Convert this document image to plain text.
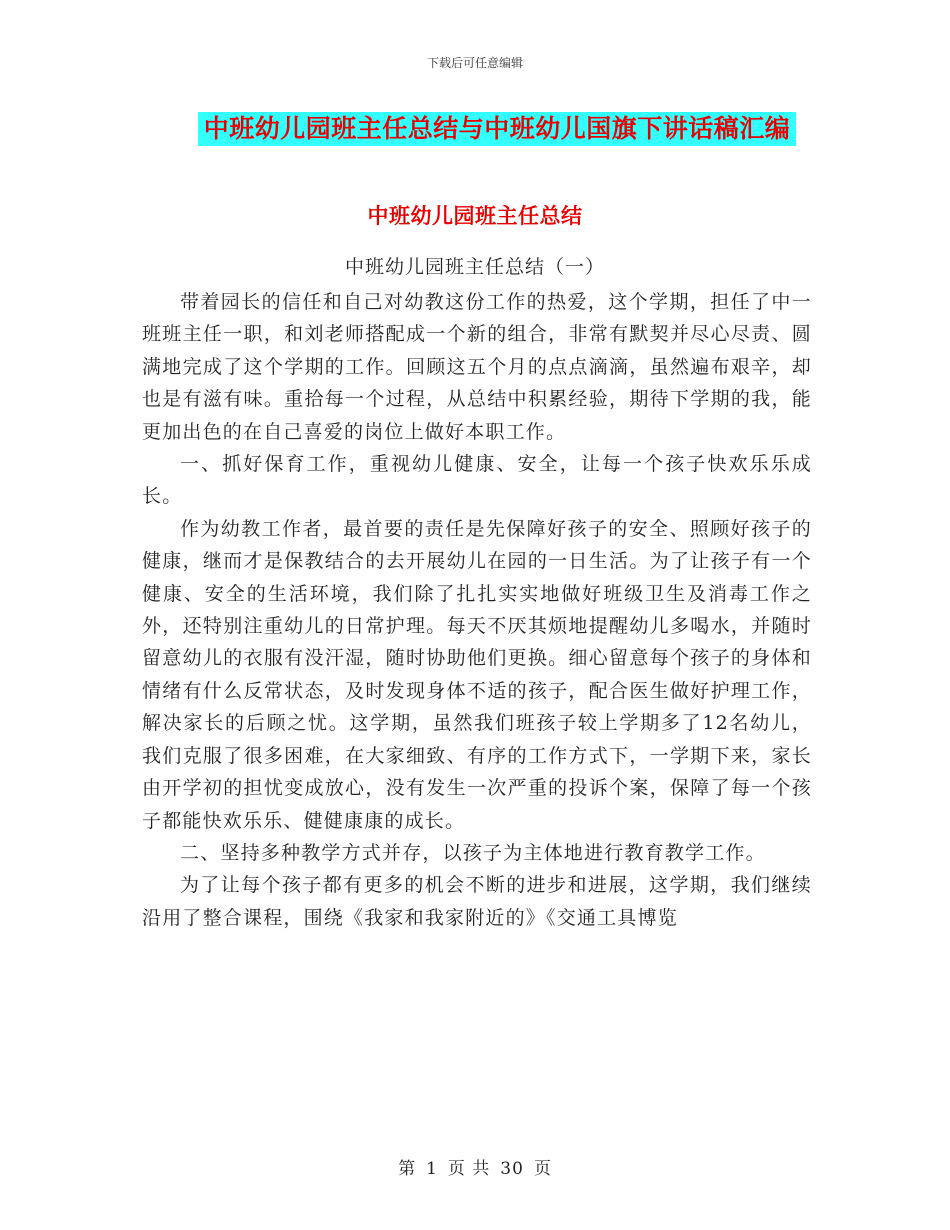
下载后可任意编辑
中班幼儿园班主任总结与中班幼儿国旗下讲话稿汇编
中班幼儿园班主任总结
中班幼儿园班主任总结（一）

带着园长的信任和自己对幼教这份工作的热爱，这个学期，担任了中一班班主任一职，和刘老师搭配成一个新的组合，非常有默契并尽心尽责、圆满地完成了这个学期的工作。回顾这五个月的点点滴滴，虽然遍布艰辛，却也是有滋有味。重拾每一个过程，从总结中积累经验，期待下学期的我，能更加出色的在自己喜爱的岗位上做好本职工作。

一、抓好保育工作，重视幼儿健康、安全，让每一个孩子快欢乐乐成长。

作为幼教工作者，最首要的责任是先保障好孩子的安全、照顾好孩子的健康，继而才是保教结合的去开展幼儿在园的一日生活。为了让孩子有一个健康、安全的生活环境，我们除了扎扎实实地做好班级卫生及消毒工作之外，还特别注重幼儿的日常护理。每天不厌其烦地提醒幼儿多喝水，并随时留意幼儿的衣服有没汗湿，随时协助他们更换。细心留意每个孩子的身体和情绪有什么反常状态，及时发现身体不适的孩子，配合医生做好护理工作，解决家长的后顾之忧。这学期，虽然我们班孩子较上学期多了12名幼儿，我们克服了很多困难，在大家细致、有序的工作方式下，一学期下来，家长由开学初的担忧变成放心，没有发生一次严重的投诉个案，保障了每一个孩子都能快欢乐乐、健健康康的成长。

二、坚持多种教学方式并存，以孩子为主体地进行教育教学工作。

为了让每个孩子都有更多的机会不断的进步和进展，这学期，我们继续沿用了整合课程，围绕《我家和我家附近的》《交通工具博览

第 1 页 共 30 页
